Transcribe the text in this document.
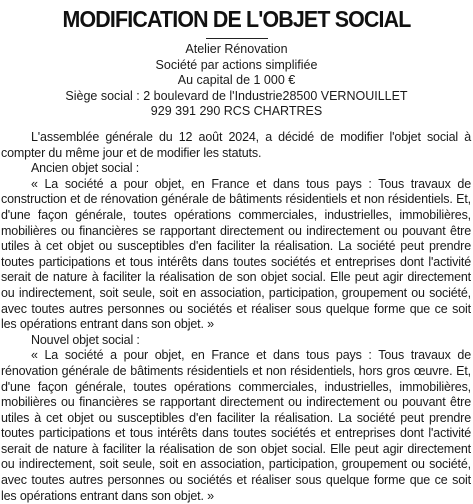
MODIFICATION DE L'OBJET SOCIAL
Atelier Rénovation
Société par actions simplifiée
Au capital de 1 000 €
Siège social : 2 boulevard de l'Industrie28500 VERNOUILLET
929 391 290 RCS CHARTRES

L'assemblée générale du 12 août 2024, a décidé de modifier l'objet social à compter du même jour et de modifier les statuts.

Ancien objet social :

« La société a pour objet, en France et dans tous pays : Tous travaux de construction et de rénovation générale de bâtiments résidentiels et non résidentiels. Et, d'une façon générale, toutes opérations commerciales, industrielles, immobilières, mobilières ou financières se rapportant directement ou indirectement ou pouvant être utiles à cet objet ou susceptibles d'en faciliter la réalisation. La société peut prendre toutes participations et tous intérêts dans toutes sociétés et entreprises dont l'activité serait de nature à faciliter la réalisation de son objet social. Elle peut agir directement ou indirectement, soit seule, soit en association, participation, groupement ou société, avec toutes autres personnes ou sociétés et réaliser sous quelque forme que ce soit les opérations entrant dans son objet. »

Nouvel objet social :

« La société a pour objet, en France et dans tous pays : Tous travaux de rénovation générale de bâtiments résidentiels et non résidentiels, hors gros œuvre. Et, d'une façon générale, toutes opérations commerciales, industrielles, immobilières, mobilières ou financières se rapportant directement ou indirectement ou pouvant être utiles à cet objet ou susceptibles d'en faciliter la réalisation. La société peut prendre toutes participations et tous intérêts dans toutes sociétés et entreprises dont l'activité serait de nature à faciliter la réalisation de son objet social. Elle peut agir directement ou indirectement, soit seule, soit en association, participation, groupement ou société, avec toutes autres personnes ou sociétés et réaliser sous quelque forme que ce soit les opérations entrant dans son objet. »
